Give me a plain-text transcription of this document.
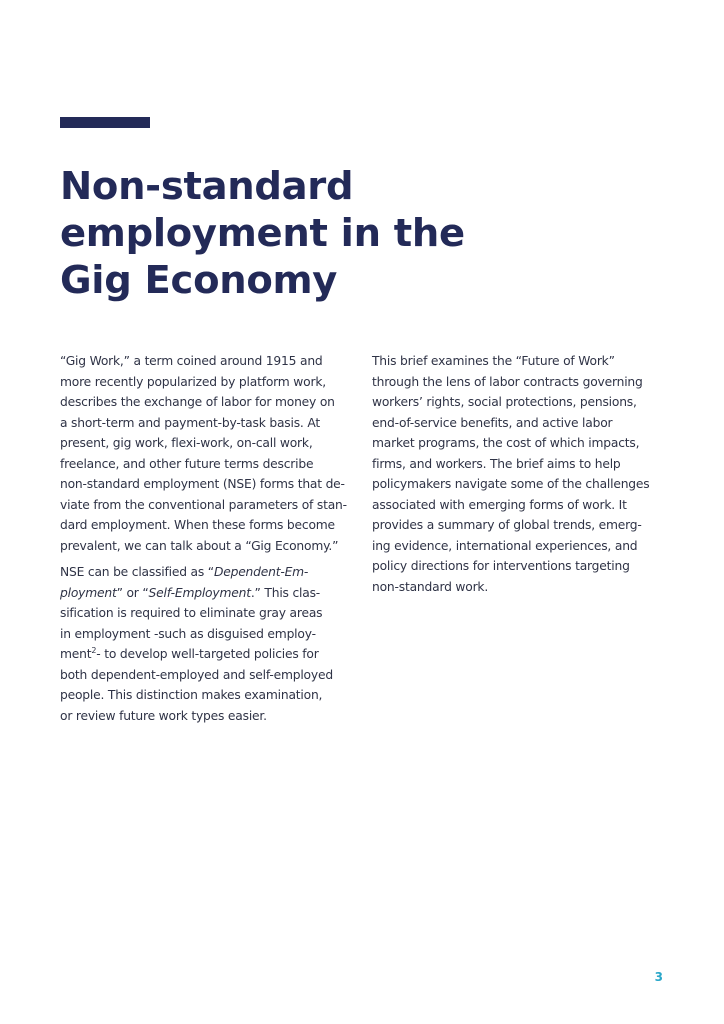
Non-standard
employment in the
Gig Economy

“Gig Work,” a term coined around 1915 and
more recently popularized by platform work,
describes the exchange of labor for money on
a short-term and payment-by-task basis. At
present, gig work, flexi-work, on-call work,
freelance, and other future terms describe
non-standard employment (NSE) forms that de-
viate from the conventional parameters of stan-
dard employment. When these forms become
prevalent, we can talk about a “Gig Economy.”

NSE can be classified as “Dependent-Em-
ployment” or “Self-Employment.” This clas-
sification is required to eliminate gray areas
in employment -such as disguised employ-
ment$^2$- to develop well-targeted policies for
both dependent-employed and self-employed
people. This distinction makes examination,
or review future work types easier.

This brief examines the “Future of Work”
through the lens of labor contracts governing
workers’ rights, social protections, pensions,
end-of-service benefits, and active labor
market programs, the cost of which impacts,
firms, and workers. The brief aims to help
policymakers navigate some of the challenges
associated with emerging forms of work. It
provides a summary of global trends, emerg-
ing evidence, international experiences, and
policy directions for interventions targeting
non-standard work.

3
